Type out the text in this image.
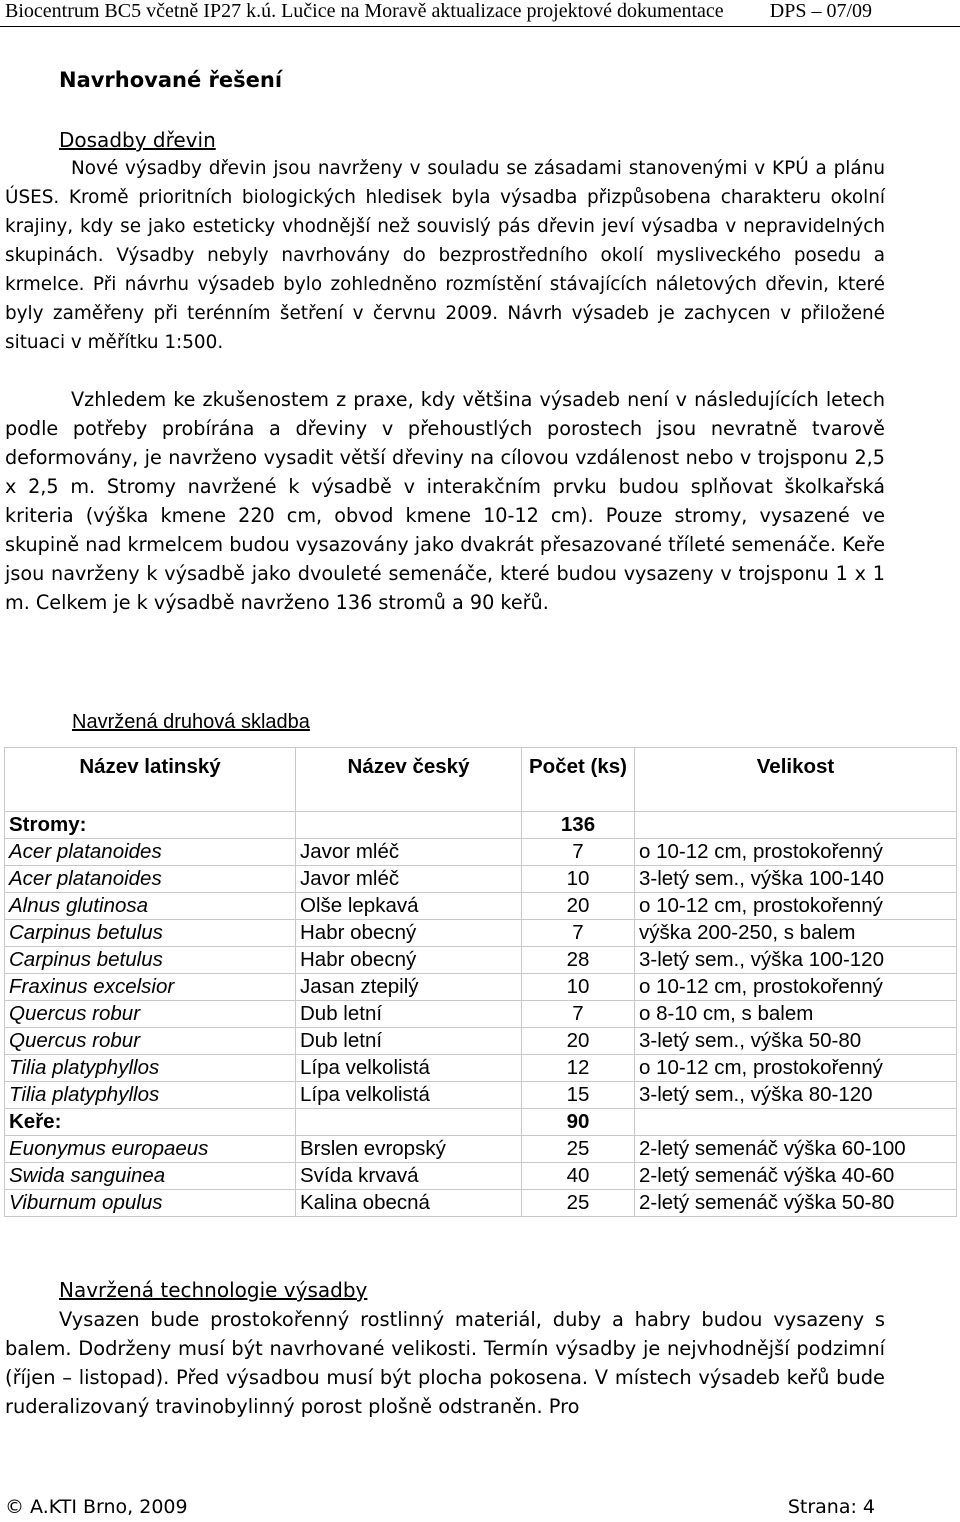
Biocentrum BC5 včetně IP27 k.ú. Lučice na Moravě aktualizace projektové dokumentace DPS – 07/09
Navrhované řešení
Dosadby dřevin
Nové výsadby dřevin jsou navrženy v souladu se zásadami stanovenými v KPÚ a plánu ÚSES. Kromě prioritních biologických hledisek byla výsadba přizpůsobena charakteru okolní krajiny, kdy se jako esteticky vhodnější než souvislý pás dřevin jeví výsadba v nepravidelných skupinách. Výsadby nebyly navrhovány do bezprostředního okolí mysliveckého posedu a krmelce. Při návrhu výsadeb bylo zohledněno rozmístění stávajících náletových dřevin, které byly zaměřeny při terénním šetření v červnu 2009. Návrh výsadeb je zachycen v přiložené situaci v měřítku 1:500.
Vzhledem ke zkušenostem z praxe, kdy většina výsadeb není v následujících letech podle potřeby probírána a dřeviny v přehoustlých porostech jsou nevratně tvarově deformovány, je navrženo vysadit větší dřeviny na cílovou vzdálenost nebo v trojsponu 2,5 x 2,5 m. Stromy navržené k výsadbě v interakčním prvku budou splňovat školkařská kriteria (výška kmene 220 cm, obvod kmene 10-12 cm). Pouze stromy, vysazené ve skupině nad krmelcem budou vysazovány jako dvakrát přesazované tříleté semenáče. Keře jsou navrženy k výsadbě jako dvouleté semenáče, které budou vysazeny v trojsponu 1 x 1 m. Celkem je k výsadbě navrženo 136 stromů a 90 keřů.
Navržená druhová skladba
Název latinský	Název český	Počet (ks)	Velikost
Stromy:		136	
Acer platanoides	Javor mléč	7	o 10-12 cm, prostokořenný
Acer platanoides	Javor mléč	10	3-letý sem., výška 100-140
Alnus glutinosa	Olše lepkavá	20	o 10-12 cm, prostokořenný
Carpinus betulus	Habr obecný	7	výška 200-250, s balem
Carpinus betulus	Habr obecný	28	3-letý sem., výška 100-120
Fraxinus excelsior	Jasan ztepilý	10	o 10-12 cm, prostokořenný
Quercus robur	Dub letní	7	o 8-10 cm, s balem
Quercus robur	Dub letní	20	3-letý sem., výška 50-80
Tilia platyphyllos	Lípa velkolistá	12	o 10-12 cm, prostokořenný
Tilia platyphyllos	Lípa velkolistá	15	3-letý sem., výška 80-120
Keře:		90	
Euonymus europaeus	Brslen evropský	25	2-letý semenáč výška 60-100
Swida sanguinea	Svída krvavá	40	2-letý semenáč výška 40-60
Viburnum opulus	Kalina obecná	25	2-letý semenáč výška 50-80
Navržená technologie výsadby
Vysazen bude prostokořenný rostlinný materiál, duby a habry budou vysazeny s balem. Dodrženy musí být navrhované velikosti. Termín výsadby je nejvhodnější podzimní (říjen – listopad). Před výsadbou musí být plocha pokosena. V místech výsadeb keřů bude ruderalizovaný travinobylinný porost plošně odstraněn. Pro
© A.KTI Brno, 2009	Strana: 4
